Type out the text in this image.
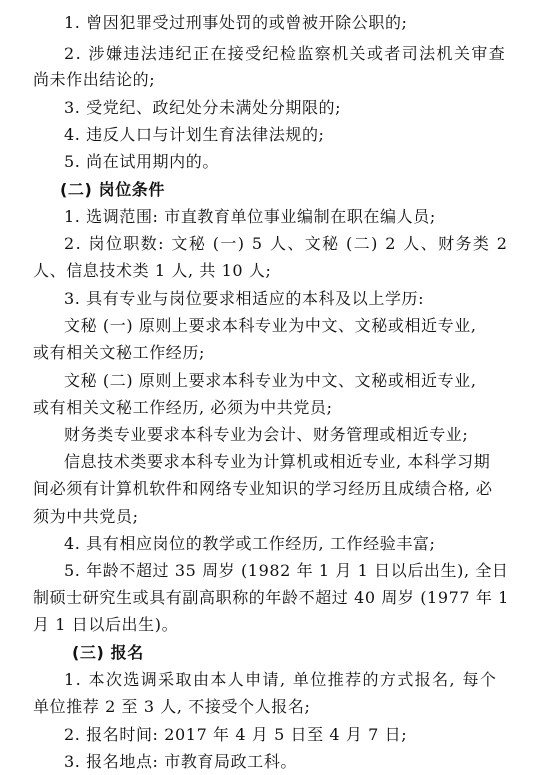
1. 曾因犯罪受过刑事处罚的或曾被开除公职的;
2. 涉嫌违法违纪正在接受纪检监察机关或者司法机关审查
尚未作出结论的;
3. 受党纪、政纪处分未满处分期限的;
4. 违反人口与计划生育法律法规的;
5. 尚在试用期内的。
(二) 岗位条件
1. 选调范围: 市直教育单位事业编制在职在编人员;
2. 岗位职数: 文秘 (一) 5 人、文秘 (二) 2 人、财务类 2
人、信息技术类 1 人, 共 10 人;
3. 具有专业与岗位要求相适应的本科及以上学历:
文秘 (一) 原则上要求本科专业为中文、文秘或相近专业,
或有相关文秘工作经历;
文秘 (二) 原则上要求本科专业为中文、文秘或相近专业,
或有相关文秘工作经历, 必须为中共党员;
财务类专业要求本科专业为会计、财务管理或相近专业;
信息技术类要求本科专业为计算机或相近专业, 本科学习期
间必须有计算机软件和网络专业知识的学习经历且成绩合格, 必
须为中共党员;
4. 具有相应岗位的教学或工作经历, 工作经验丰富;
5. 年龄不超过 35 周岁 (1982 年 1 月 1 日以后出生), 全日
制硕士研究生或具有副高职称的年龄不超过 40 周岁 (1977 年 1
月 1 日以后出生)。
(三) 报名
1. 本次选调采取由本人申请, 单位推荐的方式报名, 每个
单位推荐 2 至 3 人, 不接受个人报名;
2. 报名时间: 2017 年 4 月 5 日至 4 月 7 日;
3. 报名地点: 市教育局政工科。
